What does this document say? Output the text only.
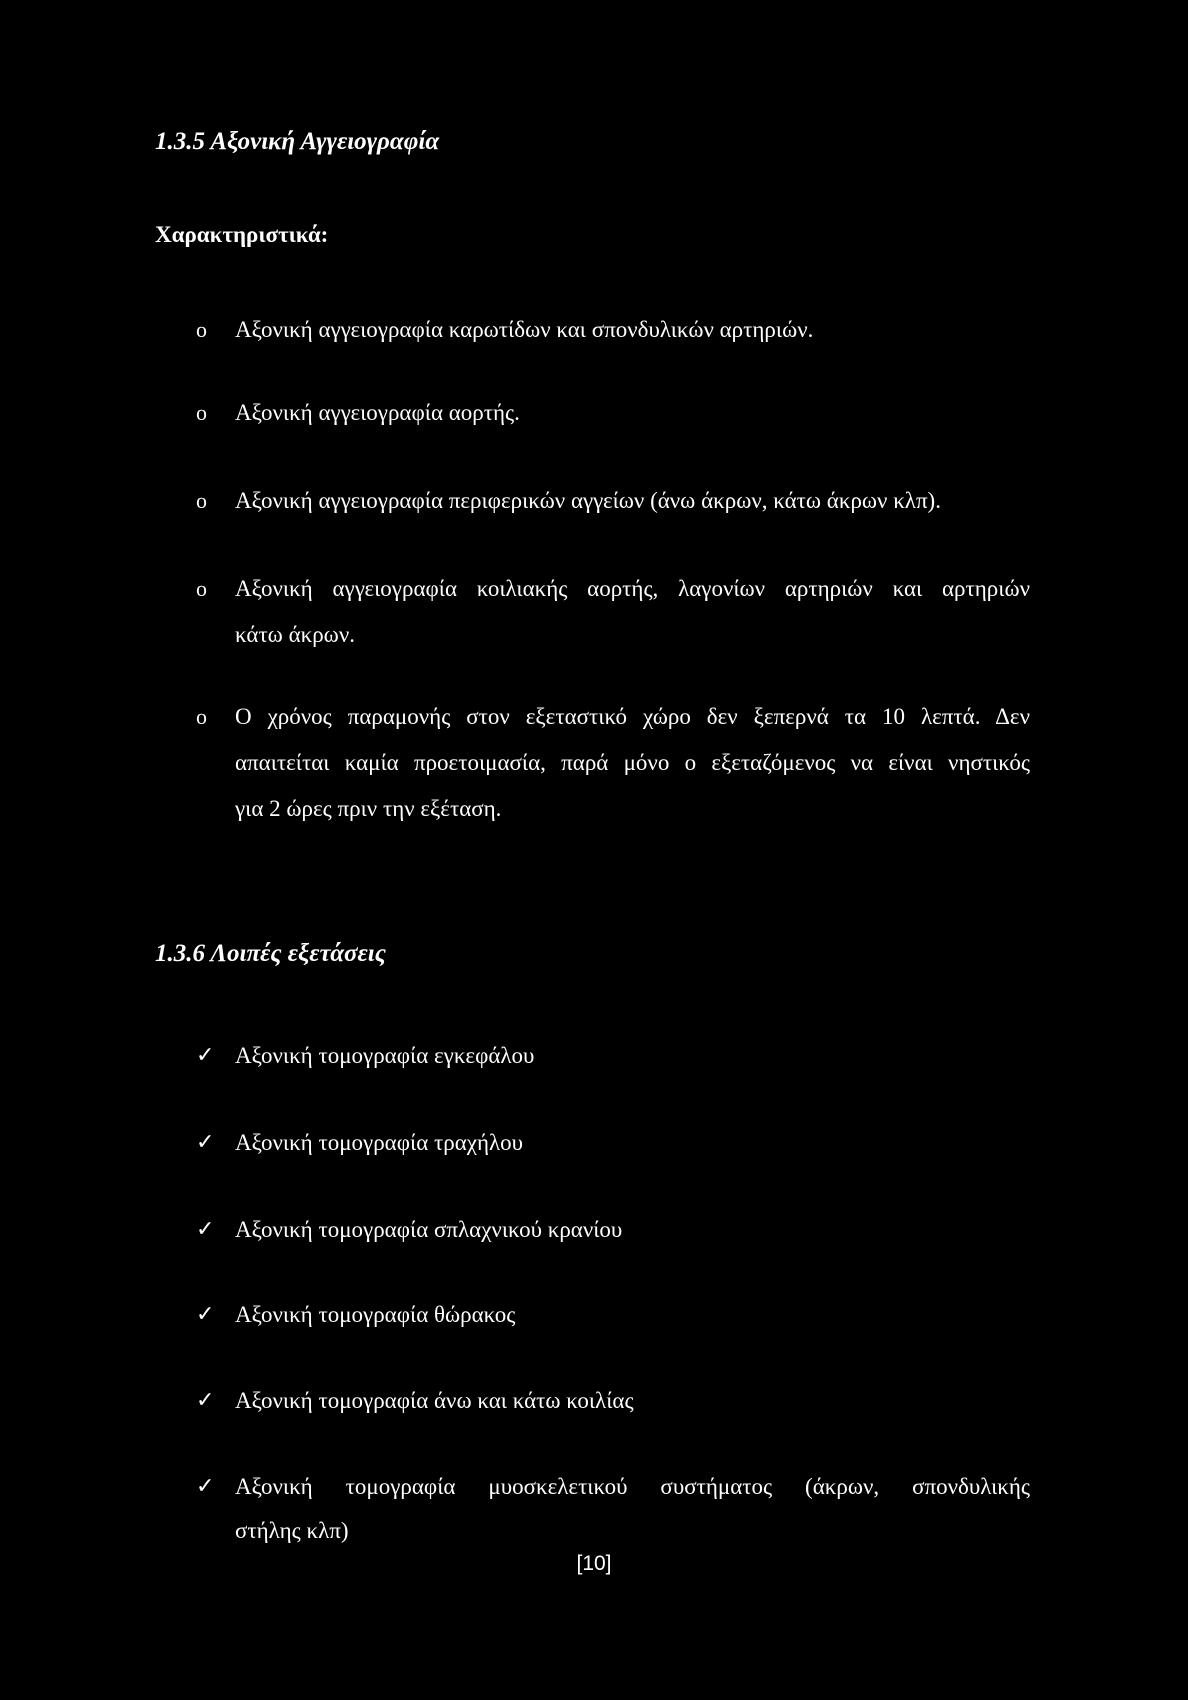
1.3.5 Αξονική Αγγειογραφία
Χαρακτηριστικά:
o Αξονική αγγειογραφία καρωτίδων και σπονδυλικών αρτηριών.
o Αξονική αγγειογραφία αορτής.
o Αξονική αγγειογραφία περιφερικών αγγείων (άνω άκρων, κάτω άκρων κλπ).
o Αξονική αγγειογραφία κοιλιακής αορτής, λαγονίων αρτηριών και αρτηριών
κάτω άκρων.
o Ο χρόνος παραμονής στον εξεταστικό χώρο δεν ξεπερνά τα 10 λεπτά. Δεν
απαιτείται καμία προετοιμασία, παρά μόνο ο εξεταζόμενος να είναι νηστικός
για 2 ώρες πριν την εξέταση.
1.3.6 Λοιπές εξετάσεις
✓ Αξονική τομογραφία εγκεφάλου
✓ Αξονική τομογραφία τραχήλου
✓ Αξονική τομογραφία σπλαχνικού κρανίου
✓ Αξονική τομογραφία θώρακος
✓ Αξονική τομογραφία άνω και κάτω κοιλίας
✓ Αξονική τομογραφία μυοσκελετικού συστήματος (άκρων, σπονδυλικής
στήλης κλπ)
[10]
